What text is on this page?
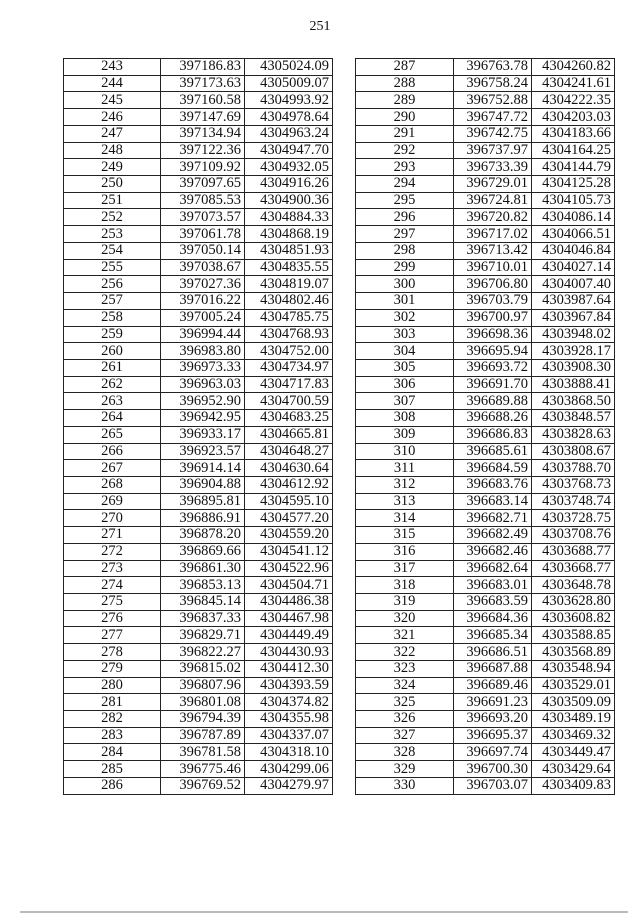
251
243	397186.83	4305024.09
244	397173.63	4305009.07
245	397160.58	4304993.92
246	397147.69	4304978.64
247	397134.94	4304963.24
248	397122.36	4304947.70
249	397109.92	4304932.05
250	397097.65	4304916.26
251	397085.53	4304900.36
252	397073.57	4304884.33
253	397061.78	4304868.19
254	397050.14	4304851.93
255	397038.67	4304835.55
256	397027.36	4304819.07
257	397016.22	4304802.46
258	397005.24	4304785.75
259	396994.44	4304768.93
260	396983.80	4304752.00
261	396973.33	4304734.97
262	396963.03	4304717.83
263	396952.90	4304700.59
264	396942.95	4304683.25
265	396933.17	4304665.81
266	396923.57	4304648.27
267	396914.14	4304630.64
268	396904.88	4304612.92
269	396895.81	4304595.10
270	396886.91	4304577.20
271	396878.20	4304559.20
272	396869.66	4304541.12
273	396861.30	4304522.96
274	396853.13	4304504.71
275	396845.14	4304486.38
276	396837.33	4304467.98
277	396829.71	4304449.49
278	396822.27	4304430.93
279	396815.02	4304412.30
280	396807.96	4304393.59
281	396801.08	4304374.82
282	396794.39	4304355.98
283	396787.89	4304337.07
284	396781.58	4304318.10
285	396775.46	4304299.06
286	396769.52	4304279.97
287	396763.78	4304260.82
288	396758.24	4304241.61
289	396752.88	4304222.35
290	396747.72	4304203.03
291	396742.75	4304183.66
292	396737.97	4304164.25
293	396733.39	4304144.79
294	396729.01	4304125.28
295	396724.81	4304105.73
296	396720.82	4304086.14
297	396717.02	4304066.51
298	396713.42	4304046.84
299	396710.01	4304027.14
300	396706.80	4304007.40
301	396703.79	4303987.64
302	396700.97	4303967.84
303	396698.36	4303948.02
304	396695.94	4303928.17
305	396693.72	4303908.30
306	396691.70	4303888.41
307	396689.88	4303868.50
308	396688.26	4303848.57
309	396686.83	4303828.63
310	396685.61	4303808.67
311	396684.59	4303788.70
312	396683.76	4303768.73
313	396683.14	4303748.74
314	396682.71	4303728.75
315	396682.49	4303708.76
316	396682.46	4303688.77
317	396682.64	4303668.77
318	396683.01	4303648.78
319	396683.59	4303628.80
320	396684.36	4303608.82
321	396685.34	4303588.85
322	396686.51	4303568.89
323	396687.88	4303548.94
324	396689.46	4303529.01
325	396691.23	4303509.09
326	396693.20	4303489.19
327	396695.37	4303469.32
328	396697.74	4303449.47
329	396700.30	4303429.64
330	396703.07	4303409.83
